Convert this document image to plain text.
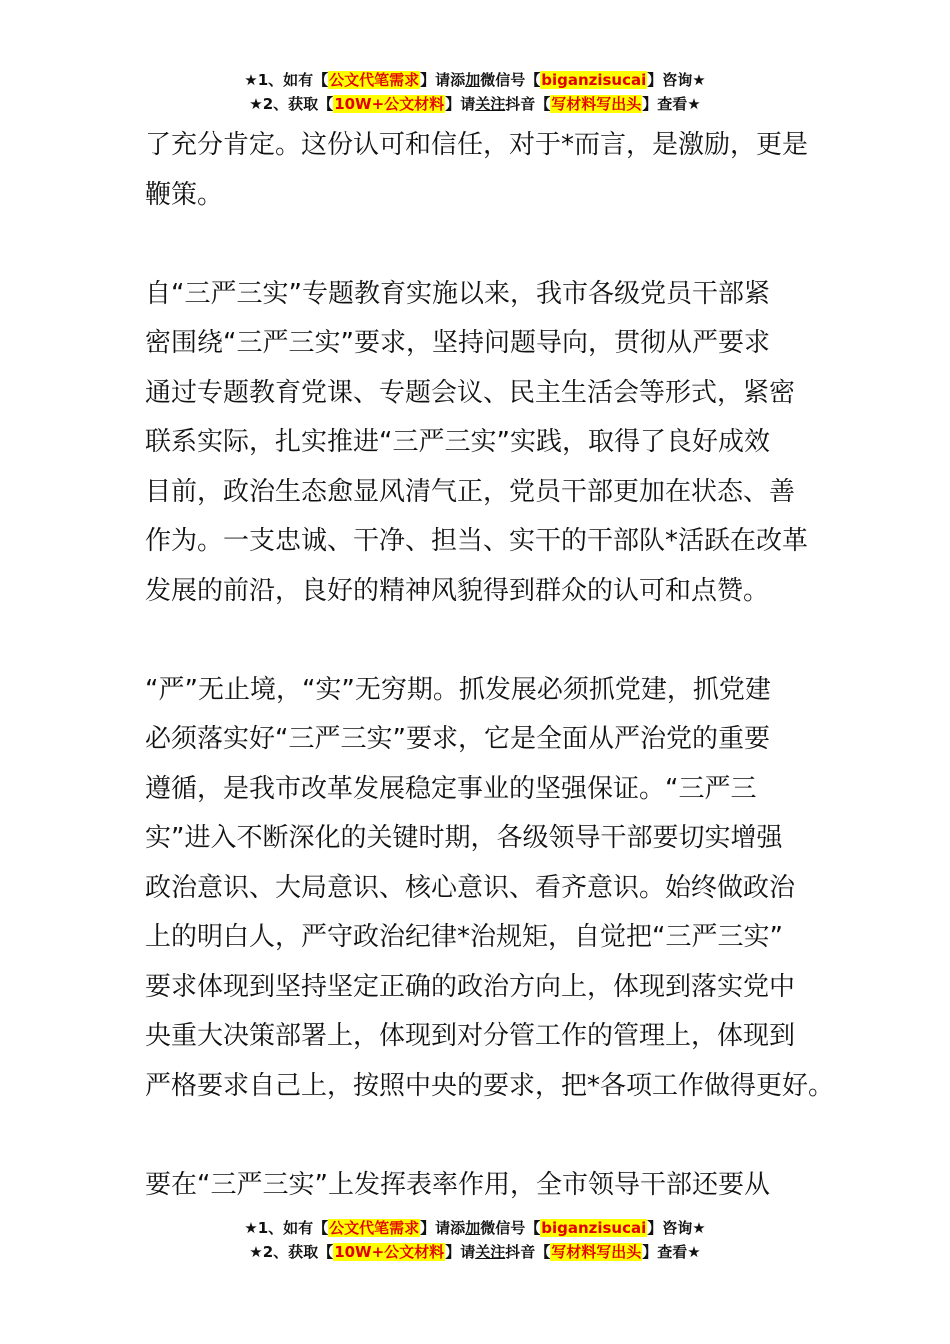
★1、如有【公文代笔需求】请添加微信号【biganzisucai】咨询★
★2、获取【10W+公文材料】请关注抖音【写材料写出头】查看★
了充分肯定。这份认可和信任，对于*而言，是激励，更是
鞭策。
自“三严三实”专题教育实施以来，我市各级党员干部紧
密围绕“三严三实”要求，坚持问题导向，贯彻从严要求
通过专题教育党课、专题会议、民主生活会等形式，紧密
联系实际，扎实推进“三严三实”实践，取得了良好成效
目前，政治生态愈显风清气正，党员干部更加在状态、善
作为。一支忠诚、干净、担当、实干的干部队*活跃在改革
发展的前沿，良好的精神风貌得到群众的认可和点赞。
“严”无止境，“实”无穷期。抓发展必须抓党建，抓党建
必须落实好“三严三实”要求，它是全面从严治党的重要
遵循，是我市改革发展稳定事业的坚强保证。“三严三
实”进入不断深化的关键时期，各级领导干部要切实增强
政治意识、大局意识、核心意识、看齐意识。始终做政治
上的明白人，严守政治纪律*治规矩，自觉把“三严三实”
要求体现到坚持坚定正确的政治方向上，体现到落实党中
央重大决策部署上，体现到对分管工作的管理上，体现到
严格要求自己上，按照中央的要求，把*各项工作做得更好。
要在“三严三实”上发挥表率作用，全市领导干部还要从
★1、如有【公文代笔需求】请添加微信号【biganzisucai】咨询★
★2、获取【10W+公文材料】请关注抖音【写材料写出头】查看★
